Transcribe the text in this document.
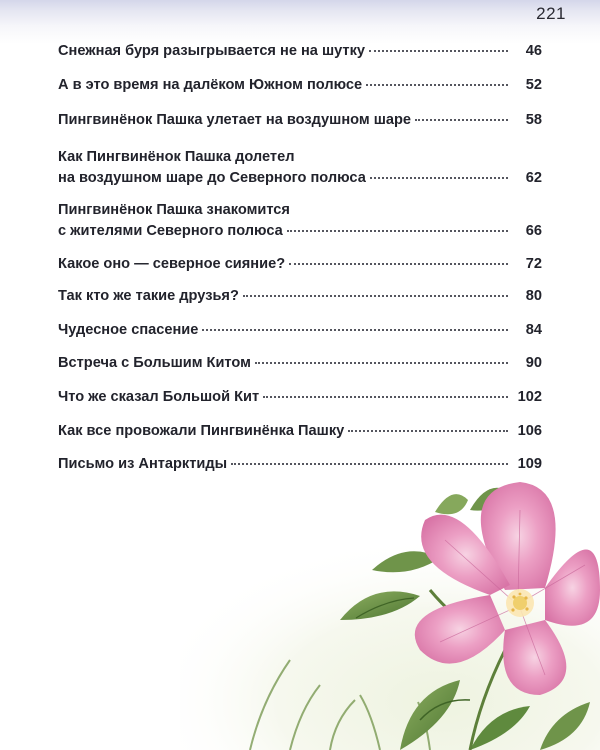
221
Снежная буря разыгрывается не на шутку	46
А в это время на далёком Южном полюсе	52
Пингвинёнок Пашка улетает на воздушном шаре	58
Как Пингвинёнок Пашка долетел
на воздушном шаре до Северного полюса	62
Пингвинёнок Пашка знакомится
с жителями Северного полюса	66
Какое оно — северное сияние?	72
Так кто же такие друзья?	80
Чудесное спасение	84
Встреча с Большим Китом	90
Что же сказал Большой Кит	102
Как все провожали Пингвинёнка Пашку	106
Письмо из Антарктиды	109
